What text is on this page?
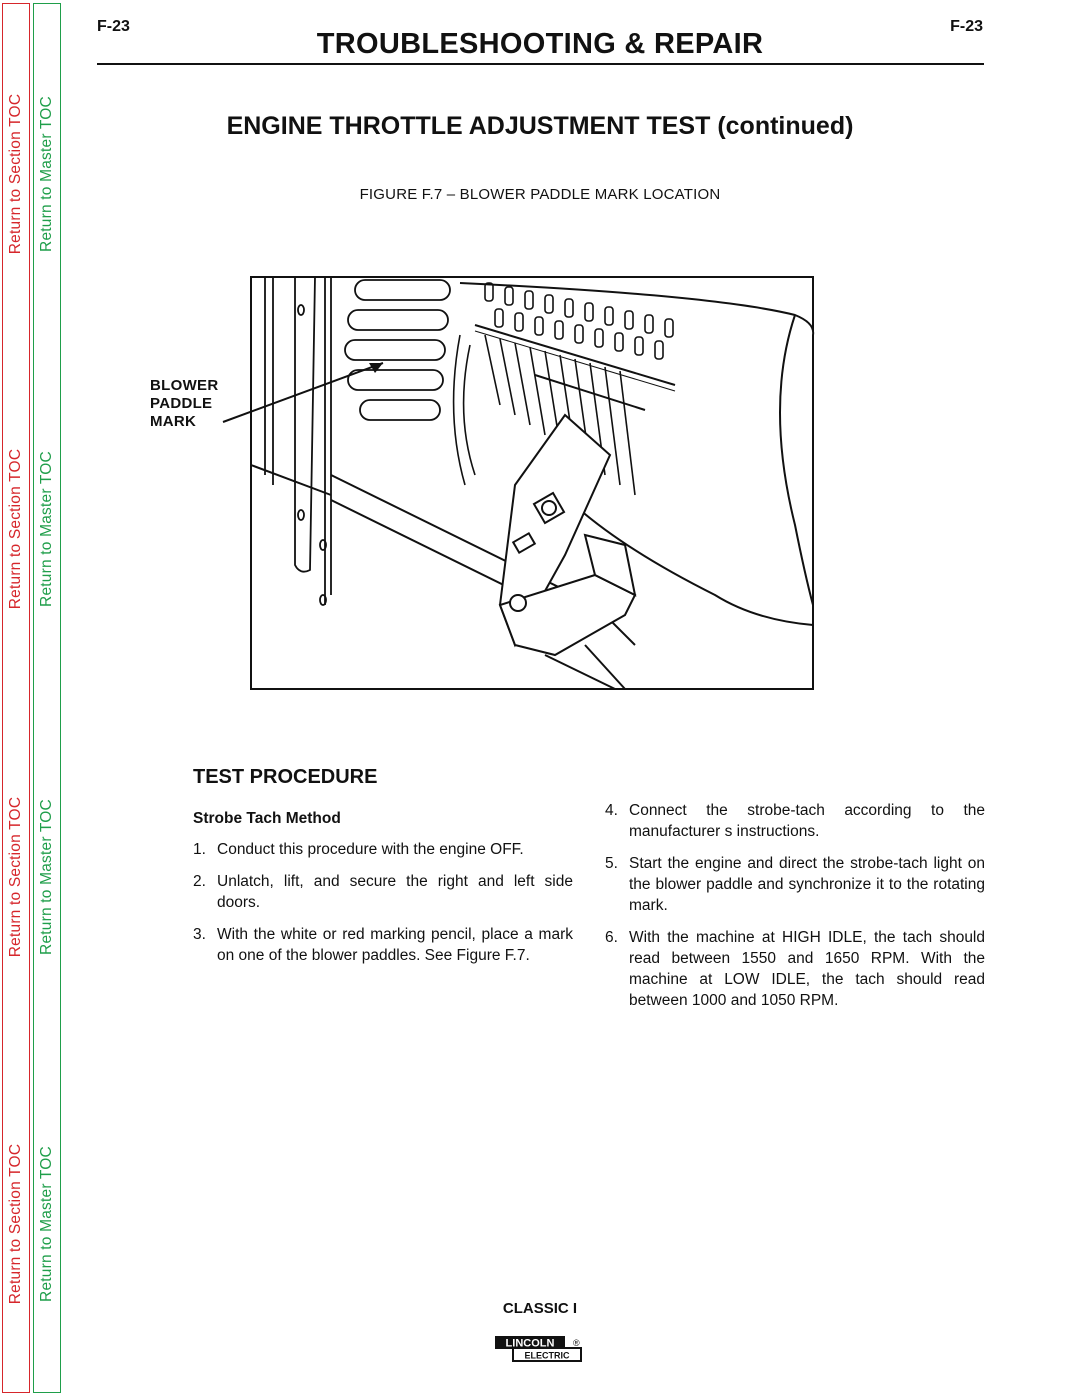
Return to Section TOC
Return to Section TOC
Return to Section TOC
Return to Section TOC
Return to Master TOC
Return to Master TOC
Return to Master TOC
Return to Master TOC
F-23	F-23
TROUBLESHOOTING & REPAIR
ENGINE THROTTLE ADJUSTMENT TEST (continued)
FIGURE F.7 – BLOWER PADDLE MARK LOCATION
BLOWER
PADDLE
MARK
TEST PROCEDURE
Strobe Tach Method
1. Conduct this procedure with the engine OFF.
2. Unlatch, lift, and secure the right and left side doors.
3. With the white or red marking pencil, place a mark on one of the blower paddles. See Figure F.7.
4. Connect the strobe-tach according to the manufacturer s instructions.
5. Start the engine and direct the strobe-tach light on the blower paddle and synchronize it to the rotating mark.
6. With the machine at HIGH IDLE, the tach should read between 1550 and 1650 RPM. With the machine at LOW IDLE, the tach should read between 1000 and 1050 RPM.
CLASSIC I
LINCOLN
ELECTRIC
®
